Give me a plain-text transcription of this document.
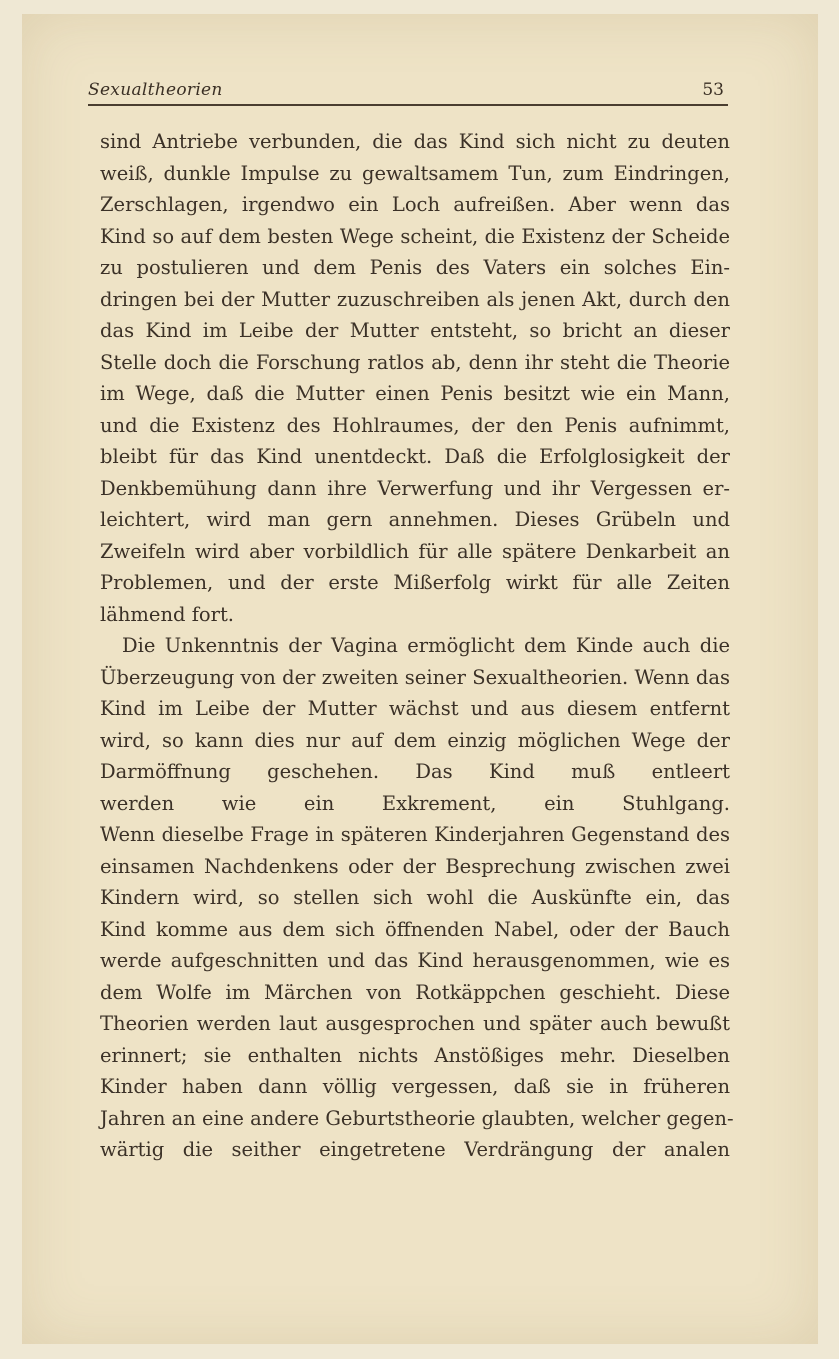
Sexualtheorien	53
sind Antriebe verbunden, die das Kind sich nicht zu deuten
weiß, dunkle Impulse zu gewaltsamem Tun, zum Eindringen,
Zerschlagen, irgendwo ein Loch aufreißen. Aber wenn das
Kind so auf dem besten Wege scheint, die Existenz der Scheide
zu postulieren und dem Penis des Vaters ein solches Ein-
dringen bei der Mutter zuzuschreiben als jenen Akt, durch den
das Kind im Leibe der Mutter entsteht, so bricht an dieser
Stelle doch die Forschung ratlos ab, denn ihr steht die Theorie
im Wege, daß die Mutter einen Penis besitzt wie ein Mann,
und die Existenz des Hohlraumes, der den Penis aufnimmt,
bleibt für das Kind unentdeckt. Daß die Erfolglosigkeit der
Denkbemühung dann ihre Verwerfung und ihr Vergessen er-
leichtert, wird man gern annehmen. Dieses Grübeln und
Zweifeln wird aber vorbildlich für alle spätere Denkarbeit an
Problemen, und der erste Mißerfolg wirkt für alle Zeiten
lähmend fort.
Die Unkenntnis der Vagina ermöglicht dem Kinde auch die
Überzeugung von der zweiten seiner Sexualtheorien. Wenn das
Kind im Leibe der Mutter wächst und aus diesem entfernt
wird, so kann dies nur auf dem einzig möglichen Wege der
Darmöffnung geschehen. Das Kind muß entleert
werden wie ein Exkrement, ein Stuhlgang.
Wenn dieselbe Frage in späteren Kinderjahren Gegenstand des
einsamen Nachdenkens oder der Besprechung zwischen zwei
Kindern wird, so stellen sich wohl die Auskünfte ein, das
Kind komme aus dem sich öffnenden Nabel, oder der Bauch
werde aufgeschnitten und das Kind herausgenommen, wie es
dem Wolfe im Märchen von Rotkäppchen geschieht. Diese
Theorien werden laut ausgesprochen und später auch bewußt
erinnert; sie enthalten nichts Anstößiges mehr. Dieselben
Kinder haben dann völlig vergessen, daß sie in früheren
Jahren an eine andere Geburtstheorie glaubten, welcher gegen-
wärtig die seither eingetretene Verdrängung der analen
